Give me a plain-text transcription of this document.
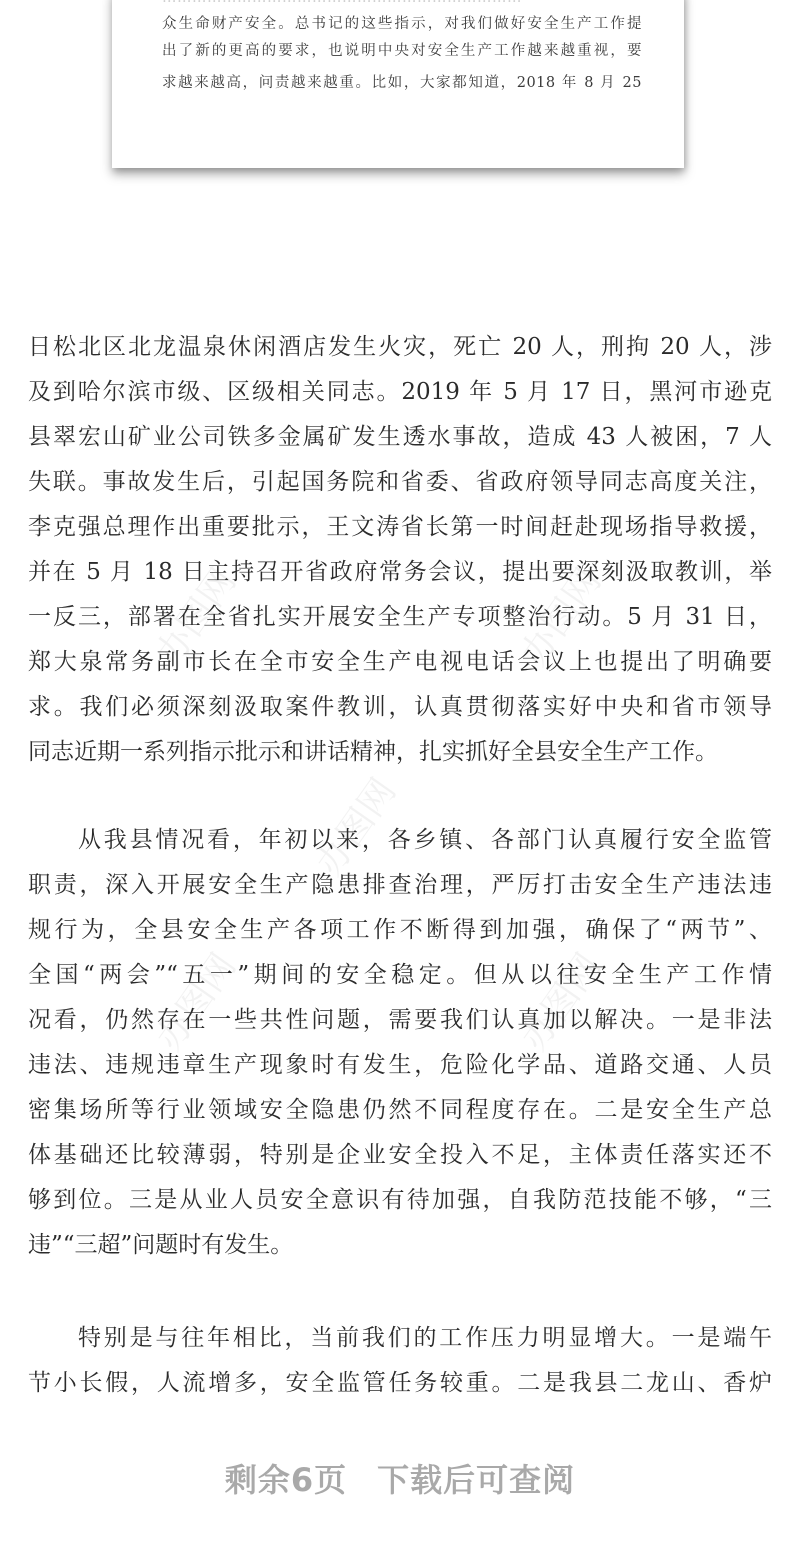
众生命财产安全。总书记的这些指示，对我们做好安全生产工作提
出了新的更高的要求，也说明中央对安全生产工作越来越重视，要
求越来越高，问责越来越重。比如，大家都知道，2018 年 8 月 25
办图网	办图网
办图网
办图网	办图网
日松北区北龙温泉休闲酒店发生火灾，死亡 20 人，刑拘 20 人，涉
及到哈尔滨市级、区级相关同志。2019 年 5 月 17 日，黑河市逊克
县翠宏山矿业公司铁多金属矿发生透水事故，造成 43 人被困，7 人
失联。事故发生后，引起国务院和省委、省政府领导同志高度关注，
李克强总理作出重要批示，王文涛省长第一时间赶赴现场指导救援，
并在 5 月 18 日主持召开省政府常务会议，提出要深刻汲取教训，举
一反三，部署在全省扎实开展安全生产专项整治行动。5 月 31 日，
郑大泉常务副市长在全市安全生产电视电话会议上也提出了明确要
求。我们必须深刻汲取案件教训，认真贯彻落实好中央和省市领导
同志近期一系列指示批示和讲话精神，扎实抓好全县安全生产工作。
从我县情况看，年初以来，各乡镇、各部门认真履行安全监管
职责，深入开展安全生产隐患排查治理，严厉打击安全生产违法违
规行为，全县安全生产各项工作不断得到加强，确保了“两节”、
全国“两会”“五一”期间的安全稳定。但从以往安全生产工作情
况看，仍然存在一些共性问题，需要我们认真加以解决。一是非法
违法、违规违章生产现象时有发生，危险化学品、道路交通、人员
密集场所等行业领域安全隐患仍然不同程度存在。二是安全生产总
体基础还比较薄弱，特别是企业安全投入不足，主体责任落实还不
够到位。三是从业人员安全意识有待加强，自我防范技能不够，“三
违”“三超”问题时有发生。
特别是与往年相比，当前我们的工作压力明显增大。一是端午
节小长假，人流增多，安全监管任务较重。二是我县二龙山、香炉
剩余6页 下载后可查阅
